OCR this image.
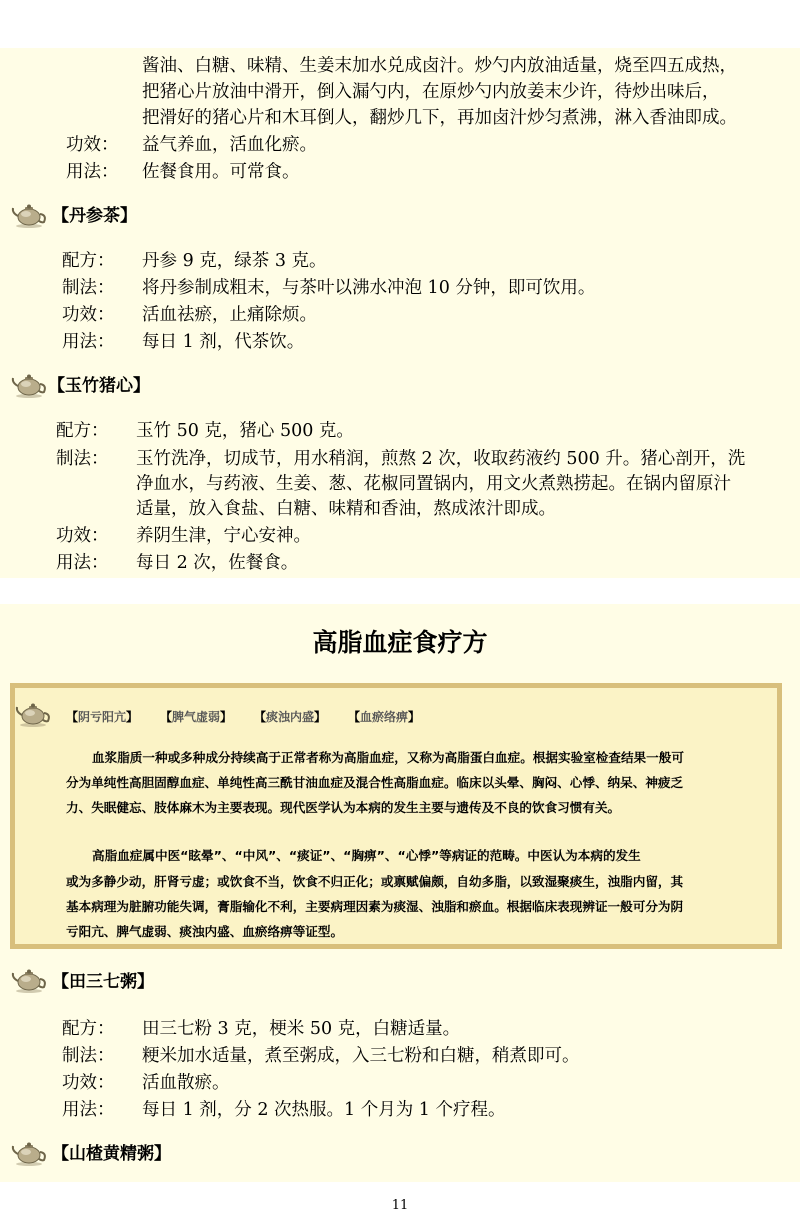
酱油、白糖、味精、生姜末加水兑成卤汁。炒勺内放油适量，烧至四五成热，
把猪心片放油中滑开，倒入漏勺内，在原炒勺内放姜末少许，待炒出味后，
把滑好的猪心片和木耳倒人，翻炒几下，再加卤汁炒匀煮沸，淋入香油即成。
功效： 益气养血，活血化瘀。
用法： 佐餐食用。可常食。
【丹参茶】
配方： 丹参 9 克，绿茶 3 克。
制法： 将丹参制成粗末，与茶叶以沸水冲泡 10 分钟，即可饮用。
功效： 活血祛瘀，止痛除烦。
用法： 每日 1 剂，代茶饮。
【玉竹猪心】
配方： 玉竹 50 克，猪心 500 克。
制法： 玉竹洗净，切成节，用水稍润，煎熬 2 次，收取药液约 500 升。猪心剖开，洗
净血水，与药液、生姜、葱、花椒同置锅内，用文火煮熟捞起。在锅内留原汁
适量，放入食盐、白糖、味精和香油，熬成浓汁即成。
功效： 养阴生津，宁心安神。
用法： 每日 2 次，佐餐食。
高脂血症食疗方
【阴亏阳亢】 【脾气虚弱】 【痰浊内盛】 【血瘀络痹】
血浆脂质一种或多种成分持续高于正常者称为高脂血症，又称为高脂蛋白血症。根据实验室检查结果一般可
分为单纯性高胆固醇血症、单纯性高三酰甘油血症及混合性高脂血症。临床以头晕、胸闷、心悸、纳呆、神疲乏
力、失眠健忘、肢体麻木为主要表现。现代医学认为本病的发生主要与遗传及不良的饮食习惯有关。
高脂血症属中医“眩晕”、“中风”、“痰证”、“胸痹”、“心悸”等病证的范畴。中医认为本病的发生
或为多静少动，肝肾亏虚；或饮食不当，饮食不归正化；或禀赋偏颇，自幼多脂，以致湿聚痰生，浊脂内留，其
基本病理为脏腑功能失调，膏脂输化不利，主要病理因素为痰湿、浊脂和瘀血。根据临床表现辨证一般可分为阴
亏阳亢、脾气虚弱、痰浊内盛、血瘀络痹等证型。
【田三七粥】
配方： 田三七粉 3 克，梗米 50 克，白糖适量。
制法： 粳米加水适量，煮至粥成，入三七粉和白糖，稍煮即可。
功效： 活血散瘀。
用法： 每日 1 剂，分 2 次热服。1 个月为 1 个疗程。
【山楂黄精粥】
11
